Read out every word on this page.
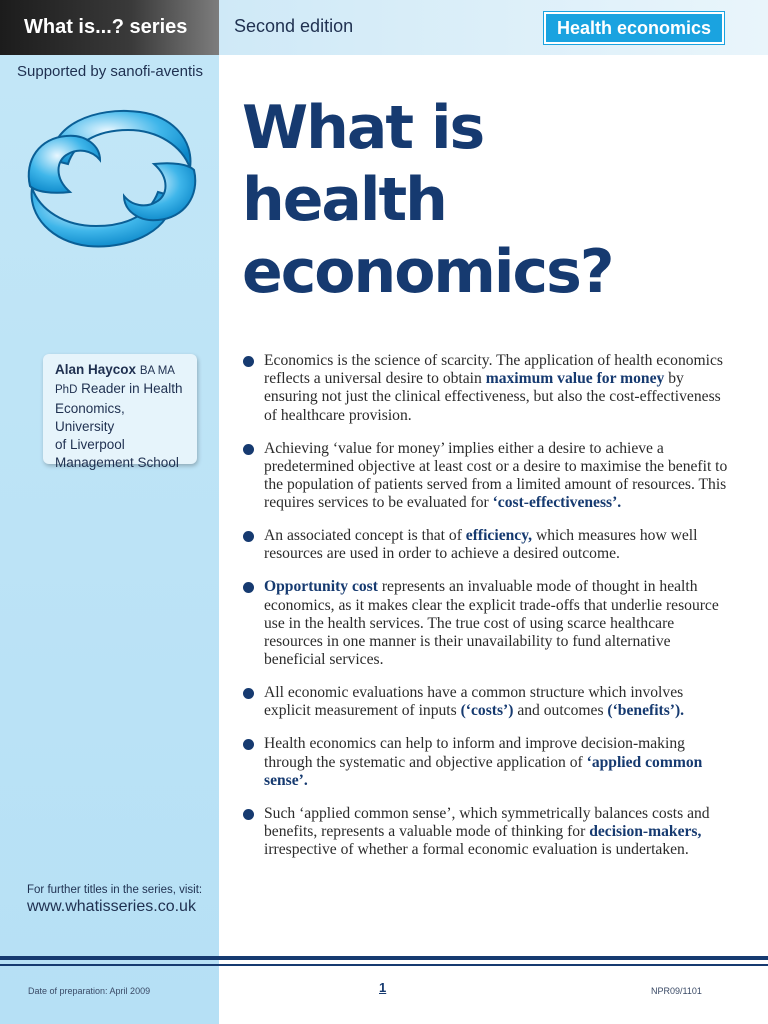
What is...? series	Second edition	Health economics
Supported by sanofi-aventis
Alan Haycox BA MA
PhD Reader in Health
Economics, University
of Liverpool
Management School
For further titles in the series, visit:
www.whatisseries.co.uk
What is
health
economics?
Economics is the science of scarcity. The application of health economics reflects a universal desire to obtain maximum value for money by ensuring not just the clinical effectiveness, but also the cost-effectiveness of healthcare provision.
Achieving ‘value for money’ implies either a desire to achieve a predetermined objective at least cost or a desire to maximise the benefit to the population of patients served from a limited amount of resources. This requires services to be evaluated for ‘cost-effectiveness’.
An associated concept is that of efficiency, which measures how well resources are used in order to achieve a desired outcome.
Opportunity cost represents an invaluable mode of thought in health economics, as it makes clear the explicit trade-offs that underlie resource use in the health services. The true cost of using scarce healthcare resources in one manner is their unavailability to fund alternative beneficial services.
All economic evaluations have a common structure which involves explicit measurement of inputs (‘costs’) and outcomes (‘benefits’).
Health economics can help to inform and improve decision-making through the systematic and objective application of ‘applied common sense’.
Such ‘applied common sense’, which symmetrically balances costs and benefits, represents a valuable mode of thinking for decision-makers, irrespective of whether a formal economic evaluation is undertaken.
Date of preparation: April 2009	1	NPR09/1101
